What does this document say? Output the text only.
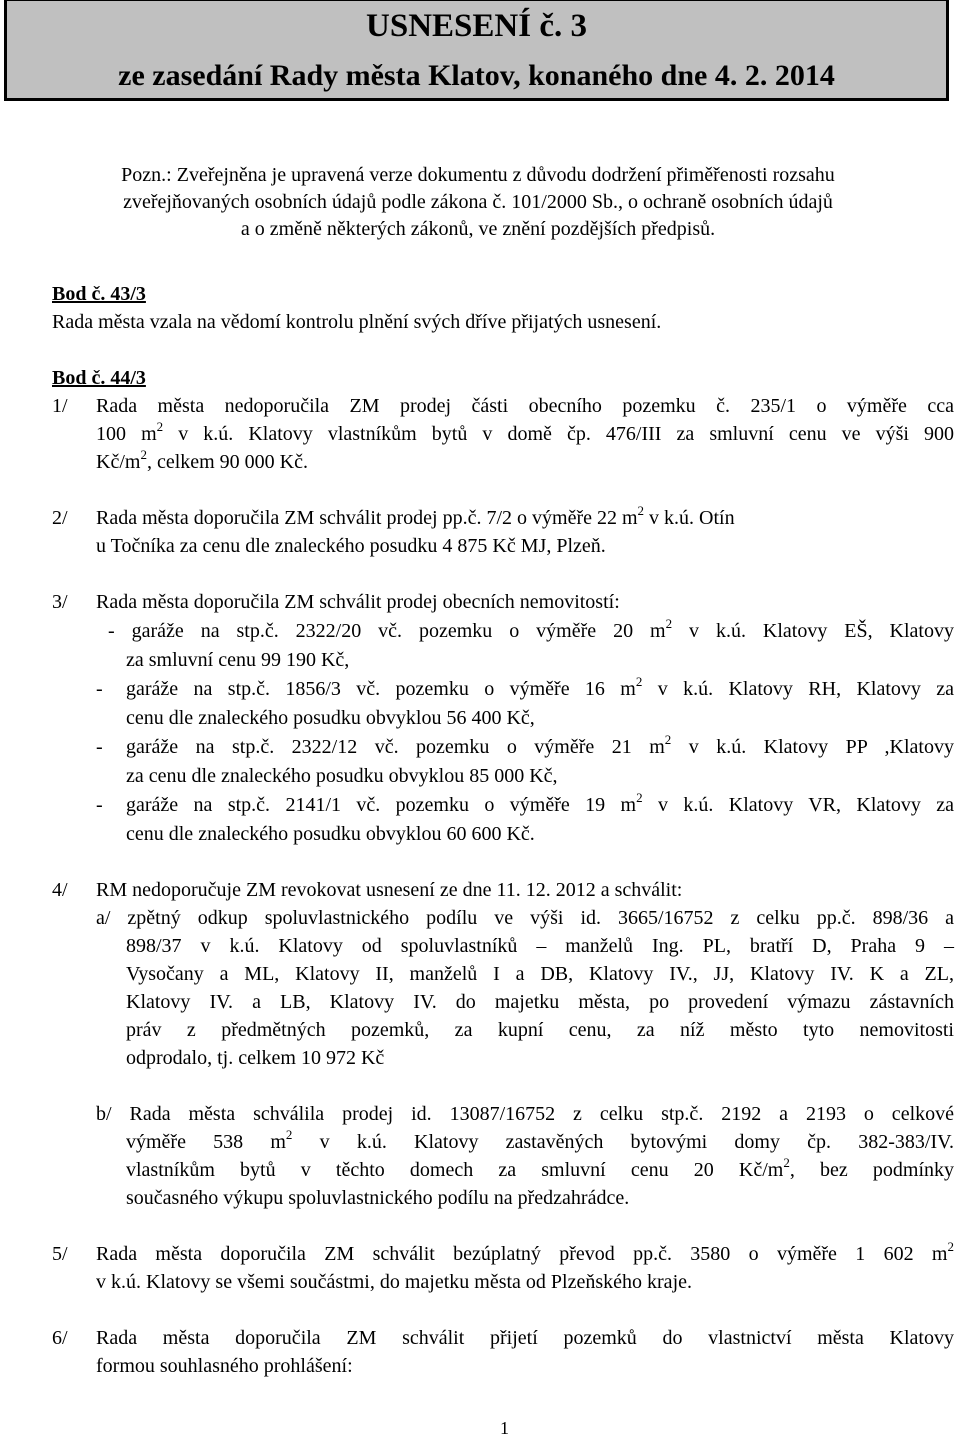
USNESENÍ č. 3
ze zasedání Rady města Klatov, konaného dne 4. 2. 2014
Pozn.: Zveřejněna je upravená verze dokumentu z důvodu dodržení přiměřenosti rozsahu
zveřejňovaných osobních údajů podle zákona č. 101/2000 Sb., o ochraně osobních údajů
a o změně některých zákonů, ve znění pozdějších předpisů.
Bod č. 43/3
Rada města vzala na vědomí kontrolu plnění svých dříve přijatých usnesení.
Bod č. 44/3
1/ Rada města nedoporučila ZM prodej části obecního pozemku č. 235/1 o výměře cca
100 $m^2$ v k.ú. Klatovy vlastníkům bytů v domě čp. 476/III za smluvní cenu ve výši 900
$Kč/m^2$, celkem 90 000 Kč.
2/ Rada města doporučila ZM schválit prodej pp.č. 7/2 o výměře 22 $m^2$ v k.ú. Otín
u Točníka za cenu dle znaleckého posudku 4 875 Kč MJ, Plzeň.
3/ Rada města doporučila ZM schválit prodej obecních nemovitostí:
- garáže na stp.č. 2322/20 vč. pozemku o výměře 20 $m^2$ v k.ú. Klatovy EŠ, Klatovy
za smluvní cenu 99 190 Kč,
- garáže na stp.č. 1856/3 vč. pozemku o výměře 16 $m^2$ v k.ú. Klatovy RH, Klatovy za
cenu dle znaleckého posudku obvyklou 56 400 Kč,
- garáže na stp.č. 2322/12 vč. pozemku o výměře 21 $m^2$ v k.ú. Klatovy PP ,Klatovy
za cenu dle znaleckého posudku obvyklou 85 000 Kč,
- garáže na stp.č. 2141/1 vč. pozemku o výměře 19 $m^2$ v k.ú. Klatovy VR, Klatovy za
cenu dle znaleckého posudku obvyklou 60 600 Kč.
4/ RM nedoporučuje ZM revokovat usnesení ze dne 11. 12. 2012 a schválit:
a/ zpětný odkup spoluvlastnického podílu ve výši id. 3665/16752 z celku pp.č. 898/36 a
898/37 v k.ú. Klatovy od spoluvlastníků – manželů Ing. PL, bratří D, Praha 9 –
Vysočany a ML, Klatovy II, manželů I a DB, Klatovy IV., JJ, Klatovy IV. K a ZL,
Klatovy IV. a LB, Klatovy IV. do majetku města, po provedení výmazu zástavních
práv z předmětných pozemků, za kupní cenu, za níž město tyto nemovitosti
odprodalo, tj. celkem 10 972 Kč
b/ Rada města schválila prodej id. 13087/16752 z celku stp.č. 2192 a 2193 o celkové
výměře 538 $m^2$ v k.ú. Klatovy zastavěných bytovými domy čp. 382-383/IV.
vlastníkům bytů v těchto domech za smluvní cenu 20 $Kč/m^2$, bez podmínky
současného výkupu spoluvlastnického podílu na předzahrádce.
5/ Rada města doporučila ZM schválit bezúplatný převod pp.č. 3580 o výměře 1 602 $m^2$
v k.ú. Klatovy se všemi součástmi, do majetku města od Plzeňského kraje.
6/ Rada města doporučila ZM schválit přijetí pozemků do vlastnictví města Klatovy
formou souhlasného prohlášení:
1
